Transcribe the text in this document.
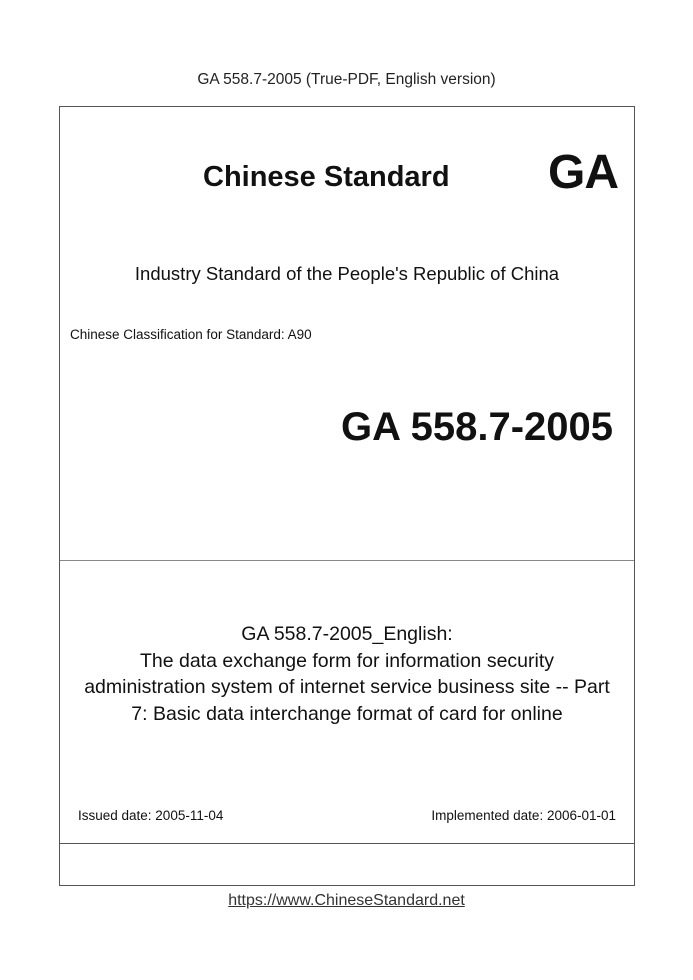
GA 558.7-2005 (True-PDF, English version)
Chinese Standard GA
Industry Standard of the People's Republic of China
Chinese Classification for Standard: A90
GA 558.7-2005
GA 558.7-2005_English:
The data exchange form for information security
administration system of internet service business site -- Part
7: Basic data interchange format of card for online
Issued date: 2005-11-04	Implemented date: 2006-01-01
https://www.ChineseStandard.net
